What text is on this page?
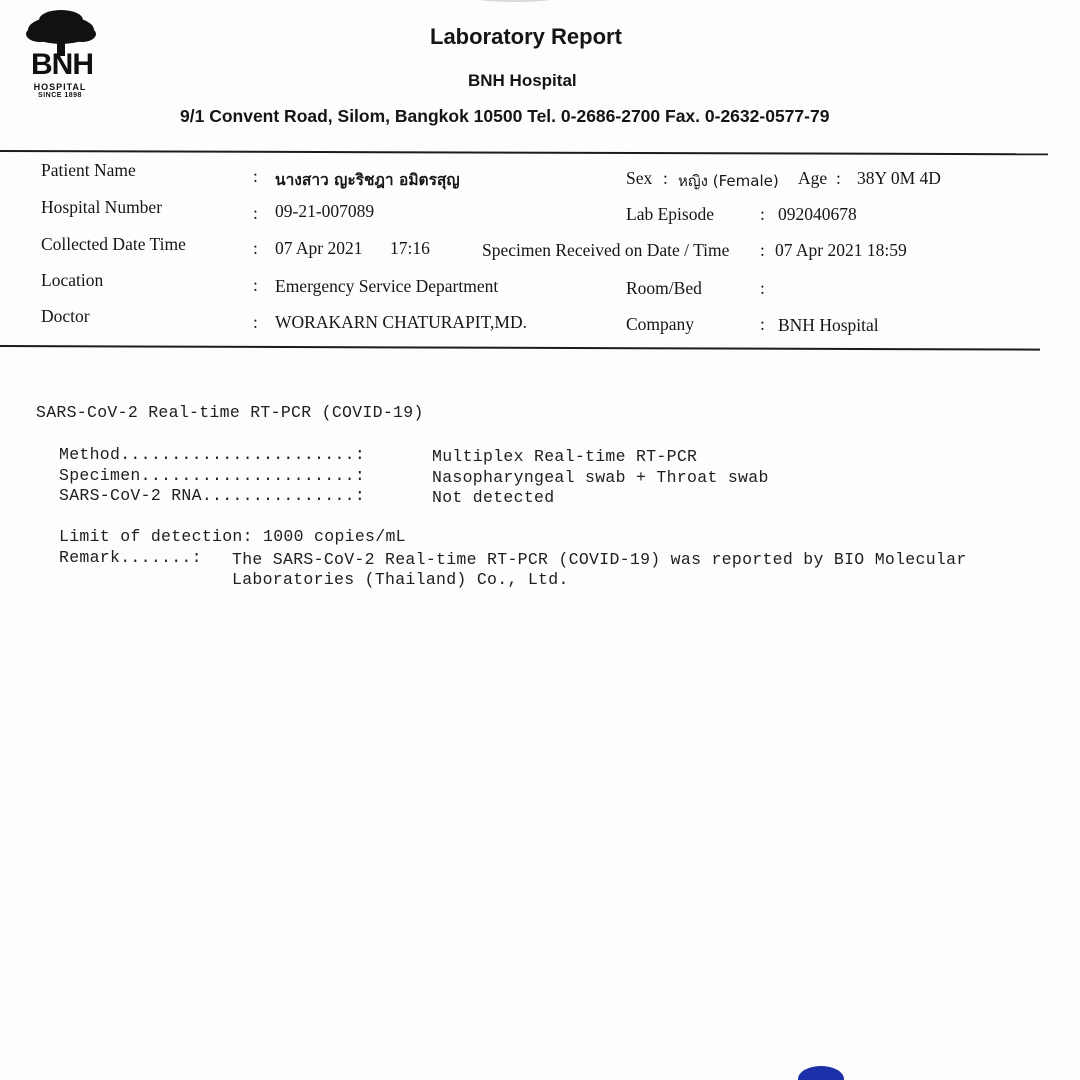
BNH
HOSPITAL
SINCE 1898
Laboratory Report
BNH Hospital
9/1 Convent Road, Silom, Bangkok 10500 Tel. 0-2686-2700 Fax. 0-2632-0577-79
Patient Name	: นางสาว ญะริชฎา อมิตรสุญ	Sex : หญิง (Female) Age : 38Y 0M 4D
Hospital Number	: 09-21-007089	Lab Episode	: 092040678
Collected Date Time	: 07 Apr 2021 17:16	Specimen Received on Date / Time : 07 Apr 2021 18:59
Location	: Emergency Service Department	Room/Bed	:
Doctor	: WORAKARN CHATURAPIT,MD.	Company	: BNH Hospital
SARS-CoV-2 Real-time RT-PCR (COVID-19)
Method.......................:	Multiplex Real-time RT-PCR
Specimen.....................:	Nasopharyngeal swab + Throat swab
SARS-CoV-2 RNA...............:	Not detected
Limit of detection: 1000 copies/mL
Remark.......: The SARS-CoV-2 Real-time RT-PCR (COVID-19) was reported by BIO Molecular
Laboratories (Thailand) Co., Ltd.
